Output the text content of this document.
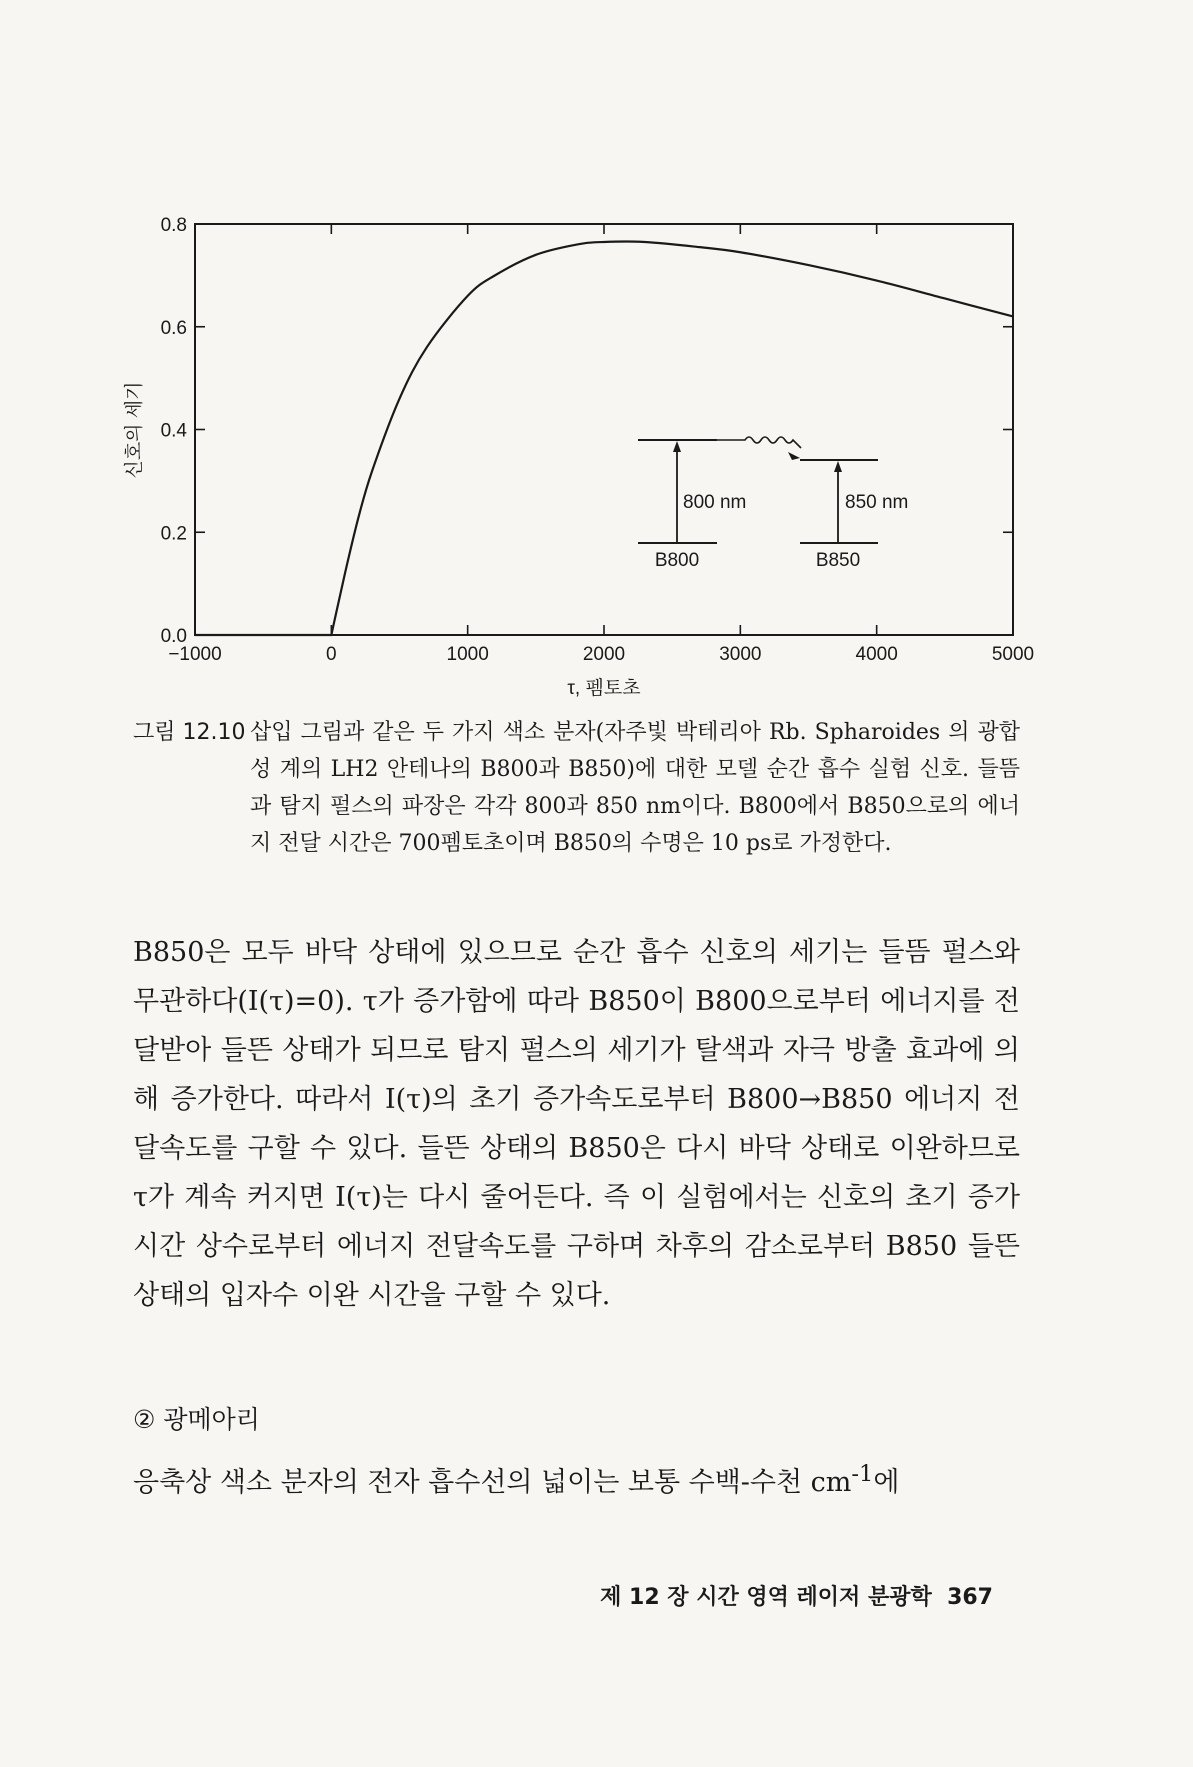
−1000	0	1000	2000	3000	4000	5000
0.0
0.2
0.4
0.6
0.8
τ, 펨토초
신호의 세기
800 nm	850 nm
B800	B850
그림 12.10 삽입 그림과 같은 두 가지 색소 분자(자주빛 박테리아 Rb. Spharoides 의 광합성 계의 LH2 안테나의 B800과 B850)에 대한 모델 순간 흡수 실험 신호. 들뜸과 탐지 펄스의 파장은 각각 800과 850 nm이다. B800에서 B850으로의 에너지 전달 시간은 700펨토초이며 B850의 수명은 10 ps로 가정한다.
B850은 모두 바닥 상태에 있으므로 순간 흡수 신호의 세기는 들뜸 펄스와 무관하다(I(τ)=0). τ가 증가함에 따라 B850이 B800으로부터 에너지를 전달받아 들뜬 상태가 되므로 탐지 펄스의 세기가 탈색과 자극 방출 효과에 의해 증가한다. 따라서 I(τ)의 초기 증가속도로부터 B800→B850 에너지 전달속도를 구할 수 있다. 들뜬 상태의 B850은 다시 바닥 상태로 이완하므로 τ가 계속 커지면 I(τ)는 다시 줄어든다. 즉 이 실험에서는 신호의 초기 증가 시간 상수로부터 에너지 전달속도를 구하며 차후의 감소로부터 B850 들뜬 상태의 입자수 이완 시간을 구할 수 있다.
② 광메아리
응축상 색소 분자의 전자 흡수선의 넓이는 보통 수백-수천 $cm^{-1}$에
제 12 장 시간 영역 레이저 분광학 367
